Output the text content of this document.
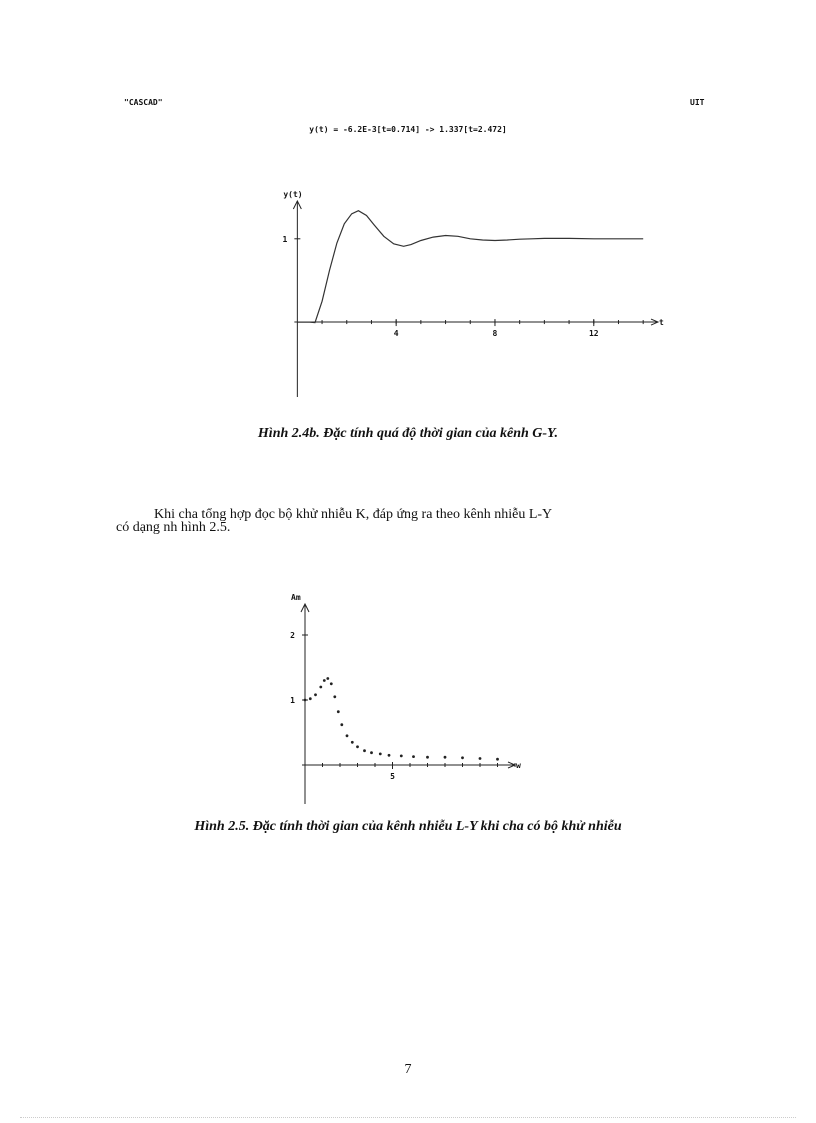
"CASCAD"	UIT
y(t) = -6.2E-3[t=0.714] -> 1.337[t=2.472]
y(t)
t
4	8	12
1
Hình 2.4b. Đặc tính quá độ thời gian của kênh G-Y.
Khi cha tổng hợp đọc bộ khử nhiễu K, đáp ứng ra theo kênh nhiễu L-Y
có dạng nh hình 2.5.
Am
w
5
2
1
Hình 2.5. Đặc tính thời gian của kênh nhiễu L-Y khi cha có bộ khử nhiễu
7
